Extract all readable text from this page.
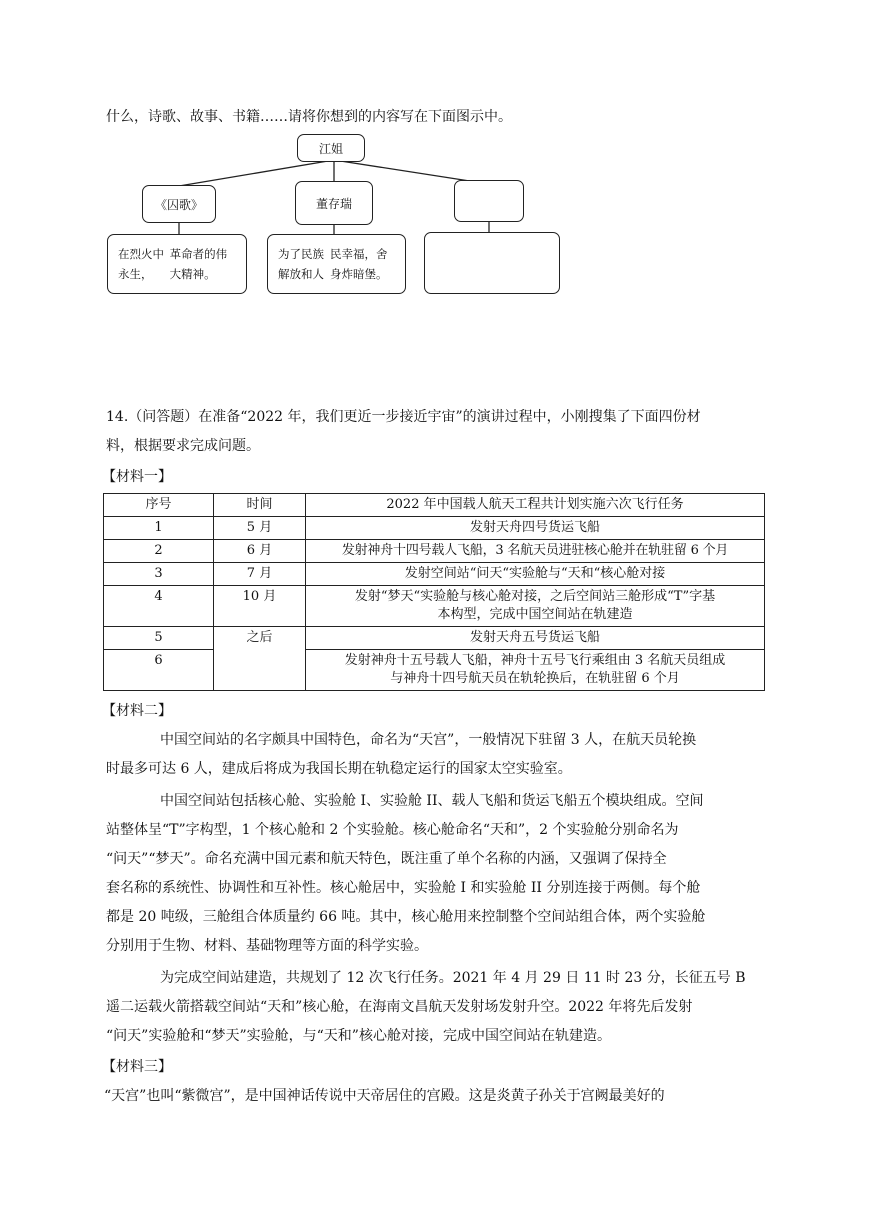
什么，诗歌、故事、书籍……请将你想到的内容写在下面图示中。
江姐
《囚歌》	董存瑞
在烈火中永生，
革命者的伟大精神。
为了民族解放和人
民幸福，舍身炸暗堡。
14.（问答题）在准备“2022 年，我们更近一步接近宇宙”的演讲过程中，小刚搜集了下面四份材
料，根据要求完成问题。
【材料一】
序号	时间	2022 年中国载人航天工程共计划实施六次飞行任务
1	5 月	发射天舟四号货运飞船
2	6 月	发射神舟十四号载人飞船，3 名航天员进驻核心舱并在轨驻留 6 个月
3	7 月	发射空间站“问天“实验舱与“天和“核心舱对接
4	10 月	发射“梦天“实验舱与核心舱对接，之后空间站三舱形成“T”字基
本构型，完成中国空间站在轨建造

5	之后	发射天舟五号货运飞船
6		发射神舟十五号载人飞船，神舟十五号飞行乘组由 3 名航天员组成
与神舟十四号航天员在轨轮换后，在轨驻留 6 个月
【材料二】
中国空间站的名字颇具中国特色，命名为“天宫”，一般情况下驻留 3 人，在航天员轮换
时最多可达 6 人，建成后将成为我国长期在轨稳定运行的国家太空实验室。
中国空间站包括核心舱、实验舱 I、实验舱 II、载人飞船和货运飞船五个模块组成。空间
站整体呈“T”字构型，1 个核心舱和 2 个实验舱。核心舱命名“天和”，2 个实验舱分别命名为
“问天”“梦天”。命名充满中国元素和航天特色，既注重了单个名称的内涵，又强调了保持全
套名称的系统性、协调性和互补性。核心舱居中，实验舱 I 和实验舱 II 分别连接于两侧。每个舱
都是 20 吨级，三舱组合体质量约 66 吨。其中，核心舱用来控制整个空间站组合体，两个实验舱
分别用于生物、材料、基础物理等方面的科学实验。
为完成空间站建造，共规划了 12 次飞行任务。2021 年 4 月 29 日 11 时 23 分，长征五号 B
遥二运载火箭搭载空间站“天和”核心舱，在海南文昌航天发射场发射升空。2022 年将先后发射
“问天”实验舱和“梦天”实验舱，与“天和”核心舱对接，完成中国空间站在轨建造。
【材料三】
“天宫”也叫“紫微宫”，是中国神话传说中天帝居住的宫殿。这是炎黄子孙关于宫阙最美好的
